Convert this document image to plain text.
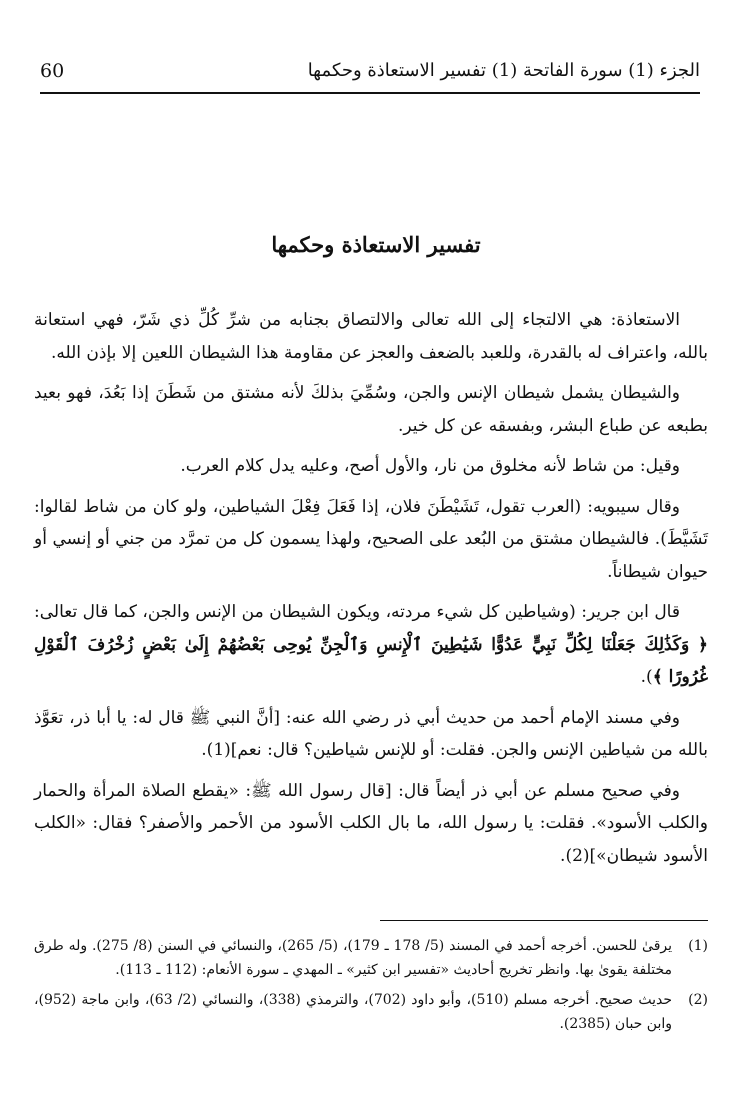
الجزء (1) سورة الفاتحة (1) تفسير الاستعاذة وحكمها
60
تفسير الاستعاذة وحكمها

الاستعاذة: هي الالتجاء إلى الله تعالى والالتصاق بجنابه من شرِّ كُلِّ ذي شَرّ، فهي استعانة بالله، واعتراف له بالقدرة، وللعبد بالضعف والعجز عن مقاومة هذا الشيطان اللعين إلا بإذن الله.

والشيطان يشمل شيطان الإنس والجن، وسُمِّيَ بذلكَ لأنه مشتق من شَطَنَ إذا بَعُدَ، فهو بعيد بطبعه عن طباع البشر، وبفسقه عن كل خير.

وقيل: من شاط لأنه مخلوق من نار، والأول أصح، وعليه يدل كلام العرب.

وقال سيبويه: (العرب تقول، تَشَيْطَنَ فلان، إذا فَعَلَ فِعْلَ الشياطين، ولو كان من شاط لقالوا: تَشَيَّطَ). فالشيطان مشتق من البُعد على الصحيح، ولهذا يسمون كل من تمرَّد من جني أو إنسي أو حيوان شيطاناً.

قال ابن جرير: (وشياطين كل شيء مردته، ويكون الشيطان من الإنس والجن، كما قال تعالى: ﴿ وَكَذَٰلِكَ جَعَلْنَا لِكُلِّ نَبِيٍّ عَدُوًّا شَيَٰطِينَ ٱلْإِنسِ وَٱلْجِنِّ يُوحِى بَعْضُهُمْ إِلَىٰ بَعْضٍ زُخْرُفَ ٱلْقَوْلِ غُرُورًا ﴾).

وفي مسند الإمام أحمد من حديث أبي ذر رضي الله عنه: [أنَّ النبي ﷺ قال له: يا أبا ذر، تعَوَّذ بالله من شياطين الإنس والجن. فقلت: أو للإنس شياطين؟ قال: نعم](1).

وفي صحيح مسلم عن أبي ذر أيضاً قال: [قال رسول الله ﷺ: «يقطع الصلاة المرأة والحمار والكلب الأسود». فقلت: يا رسول الله، ما بال الكلب الأسود من الأحمر والأصفر؟ فقال: «الكلب الأسود شيطان»](2).

(1)
يرقىٰ للحسن. أخرجه أحمد في المسند (5/ 178 ـ 179)، (5/ 265)، والنسائي في السنن (8/ 275). وله طرق مختلفة يقوىٰ بها. وانظر تخريج أحاديث «تفسير ابن كثير» ـ المهدي ـ سورة الأنعام: (112 ـ 113).
(2)
حديث صحيح. أخرجه مسلم (510)، وأبو داود (702)، والترمذي (338)، والنسائي (2/ 63)، وابن ماجة (952)، وابن حبان (2385).
